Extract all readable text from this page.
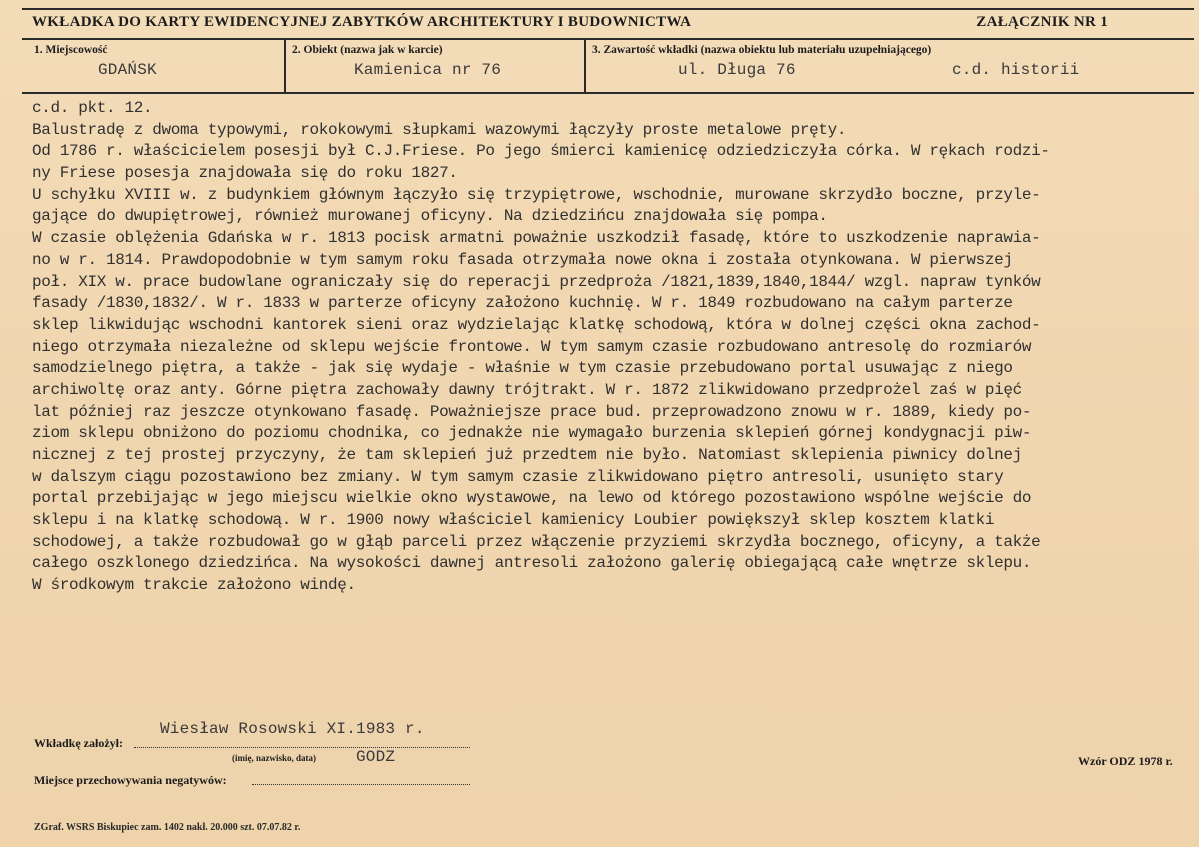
WKŁADKA DO KARTY EWIDENCYJNEJ ZABYTKÓW ARCHITEKTURY I BUDOWNICTWA	ZAŁĄCZNIK NR 1
1. Miejscowość
GDAŃSK
2. Obiekt (nazwa jak w karcie)
Kamienica nr 76
3. Zawartość wkładki (nazwa obiektu lub materiału uzupełniającego)
ul. Długa 76	c.d. historii
c.d. pkt. 12.
Balustradę z dwoma typowymi, rokokowymi słupkami wazowymi łączyły proste metalowe pręty.
Od 1786 r. właścicielem posesji był C.J.Friese. Po jego śmierci kamienicę odziedziczyła córka. W rękach rodzi-
ny Friese posesja znajdowała się do roku 1827.
U schyłku XVIII w. z budynkiem głównym łączyło się trzypiętrowe, wschodnie, murowane skrzydło boczne, przyle-
gające do dwupiętrowej, również murowanej oficyny. Na dziedzińcu znajdowała się pompa.
W czasie oblężenia Gdańska w r. 1813 pocisk armatni poważnie uszkodził fasadę, które to uszkodzenie naprawia-
no w r. 1814. Prawdopodobnie w tym samym roku fasada otrzymała nowe okna i została otynkowana. W pierwszej
poł. XIX w. prace budowlane ograniczały się do reperacji przedproża /1821,1839,1840,1844/ wzgl. napraw tynków
fasady /1830,1832/. W r. 1833 w parterze oficyny założono kuchnię. W r. 1849 rozbudowano na całym parterze
sklep likwidując wschodni kantorek sieni oraz wydzielając klatkę schodową, która w dolnej części okna zachod-
niego otrzymała niezależne od sklepu wejście frontowe. W tym samym czasie rozbudowano antresolę do rozmiarów
samodzielnego piętra, a także - jak się wydaje - właśnie w tym czasie przebudowano portal usuwając z niego
archiwoltę oraz anty. Górne piętra zachowały dawny trójtrakt. W r. 1872 zlikwidowano przedprożel zaś w pięć
lat później raz jeszcze otynkowano fasadę. Poważniejsze prace bud. przeprowadzono znowu w r. 1889, kiedy po-
ziom sklepu obniżono do poziomu chodnika, co jednakże nie wymagało burzenia sklepień górnej kondygnacji piw-
nicznej z tej prostej przyczyny, że tam sklepień już przedtem nie było. Natomiast sklepienia piwnicy dolnej
w dalszym ciągu pozostawiono bez zmiany. W tym samym czasie zlikwidowano piętro antresoli, usunięto stary
portal przebijając w jego miejscu wielkie okno wystawowe, na lewo od którego pozostawiono wspólne wejście do
sklepu i na klatkę schodową. W r. 1900 nowy właściciel kamienicy Loubier powiększył sklep kosztem klatki
schodowej, a także rozbudował go w głąb parceli przez włączenie przyziemi skrzydła bocznego, oficyny, a także
całego oszklonego dziedzińca. Na wysokości dawnej antresoli założono galerię obiegającą całe wnętrze sklepu.
W środkowym trakcie założono windę.
Wkładkę założył:
Wiesław Rosowski XI.1983 r.
(imię, nazwisko, data)	GODZ
Miejsce przechowywania negatywów:
Wzór ODZ 1978 r.
ZGraf. WSRS Biskupiec zam. 1402 nakł. 20.000 szt. 07.07.82 r.
